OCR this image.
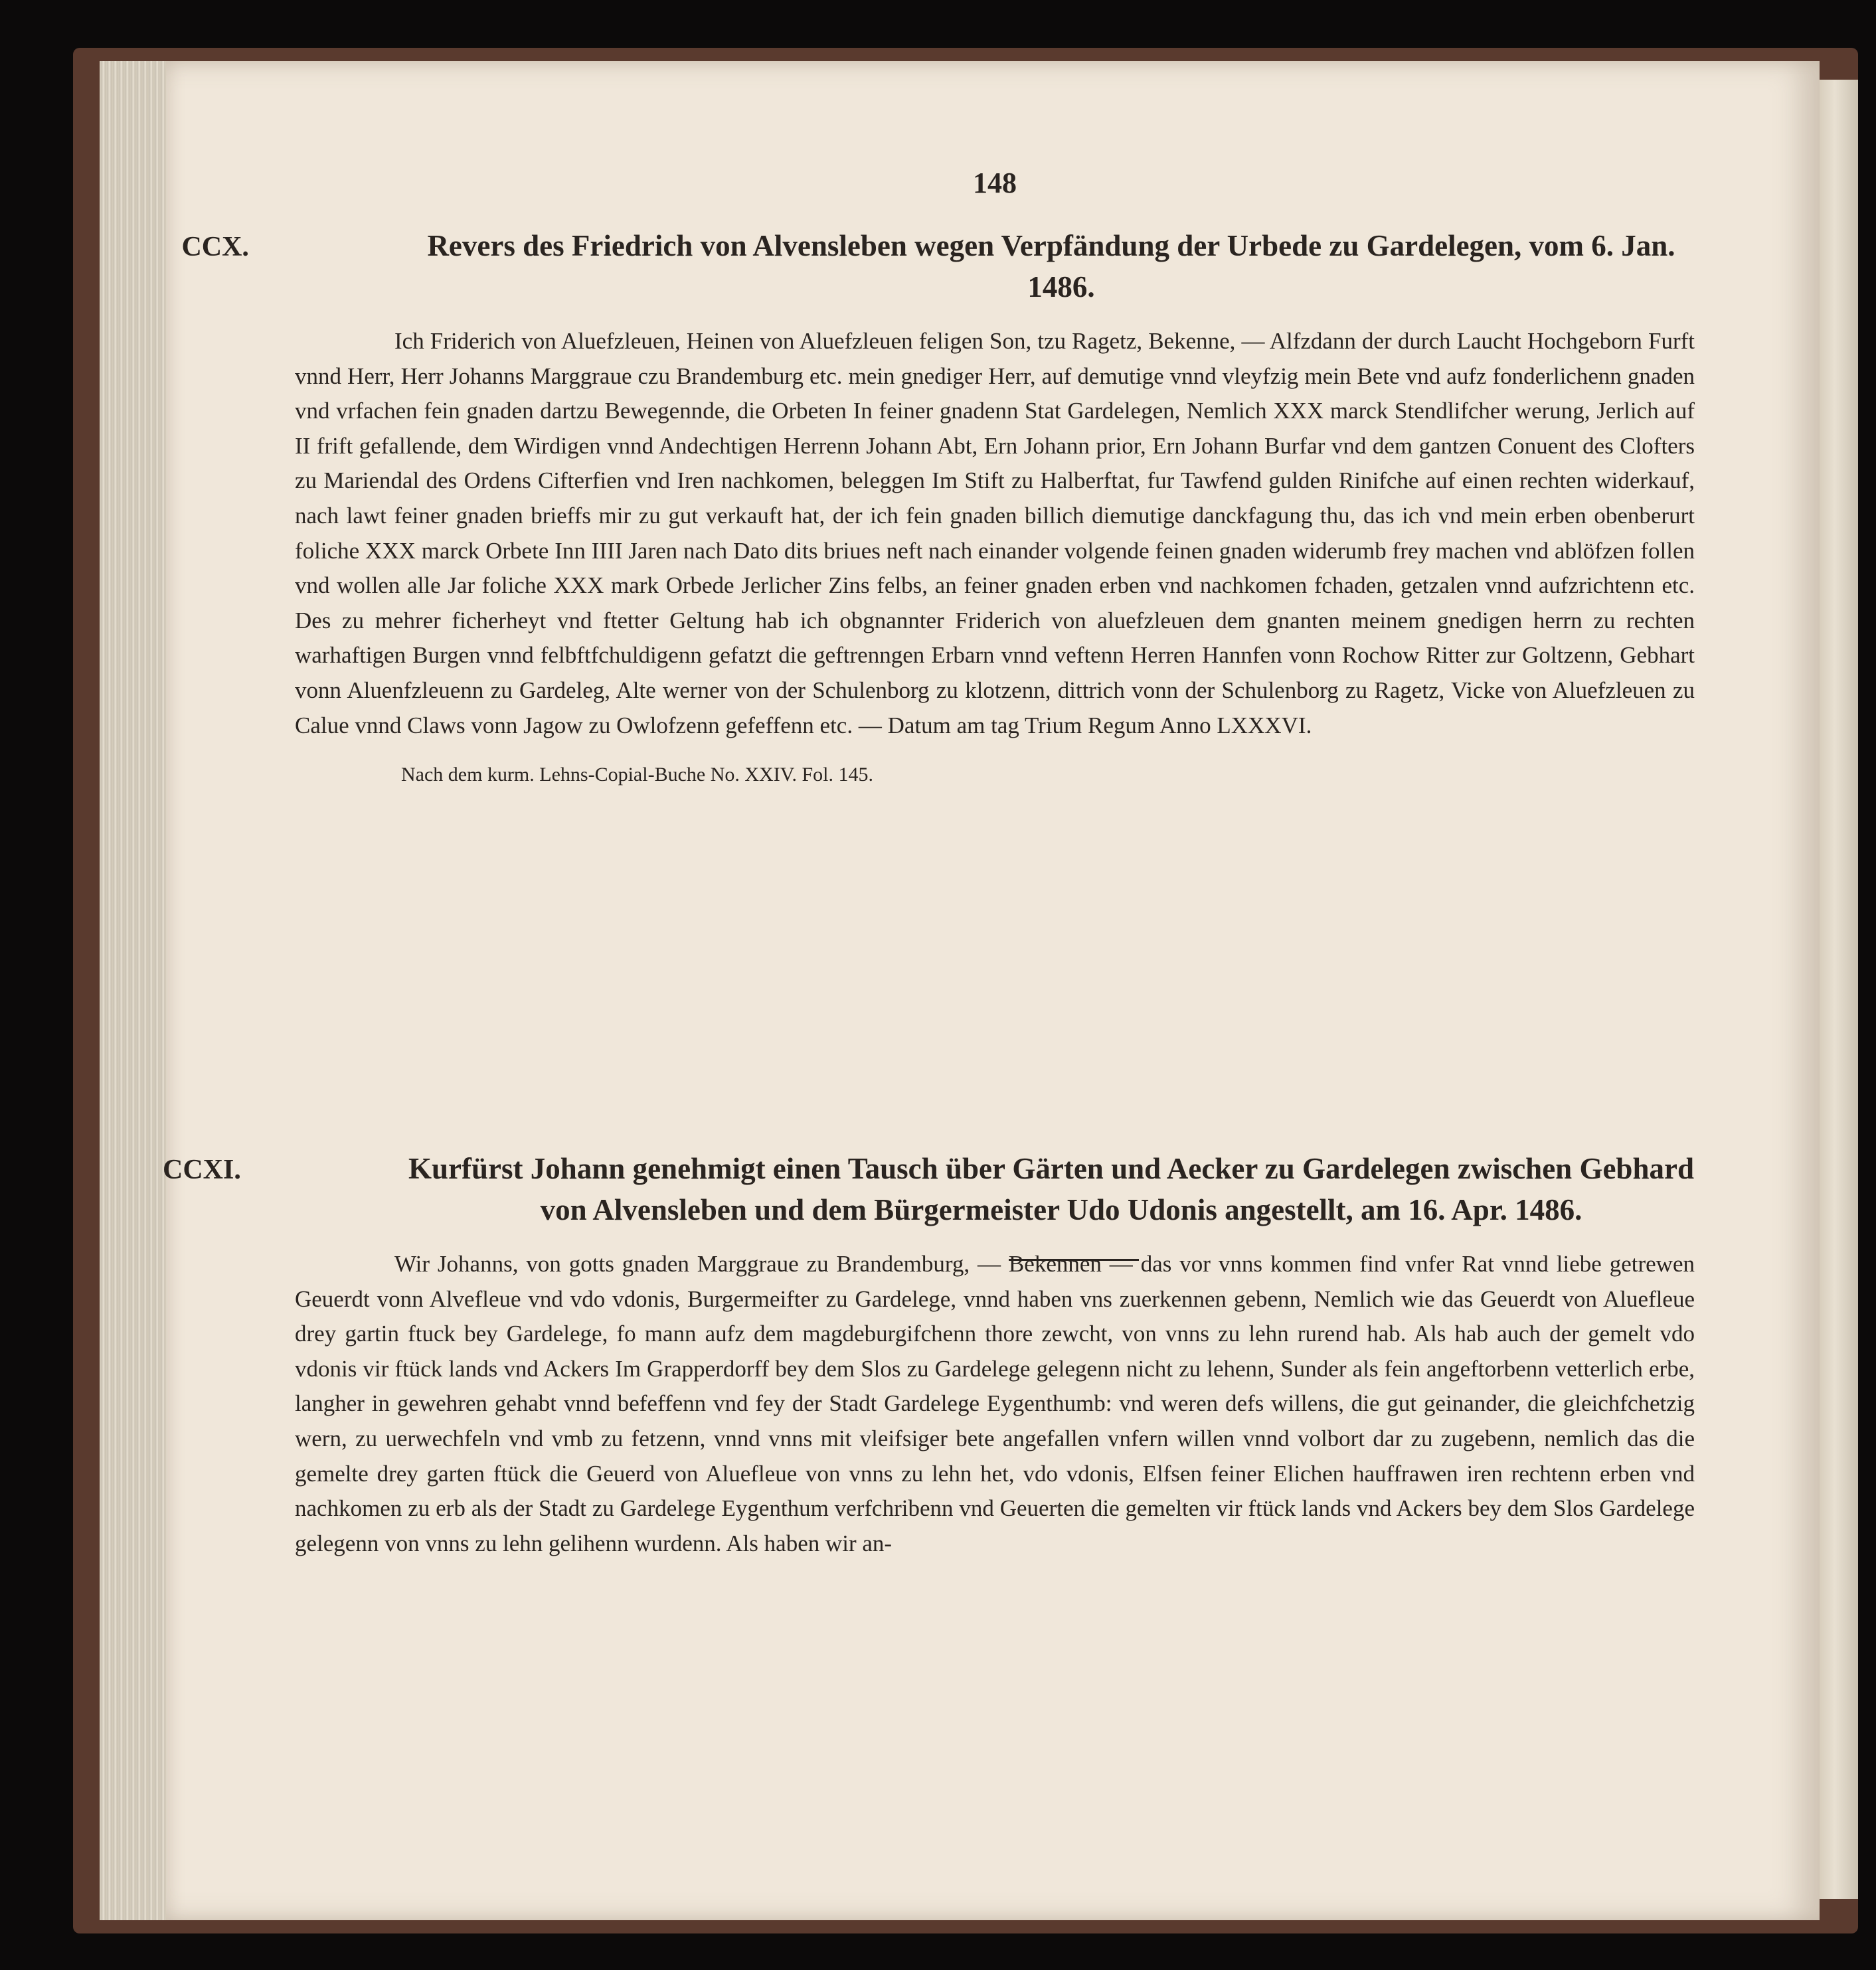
148

CCX.	Revers des Friedrich von Alvensleben wegen Verpfändung der Urbede zu Gardelegen, vom 6. Jan. 1486.

Ich Friderich von Aluefzleuen, Heinen von Aluefzleuen feligen Son, tzu Ragetz, Bekenne, — Alfzdann der durch Laucht Hochgeborn Furft vnnd Herr, Herr Johanns Marggraue czu Brandemburg etc. mein gnediger Herr, auf demutige vnnd vleyfzig mein Bete vnd aufz fonderlichenn gnaden vnd vrfachen fein gnaden dartzu Bewegennde, die Orbeten In feiner gnadenn Stat Gardelegen, Nemlich XXX marck Stendlifcher werung, Jerlich auf II frift gefallende, dem Wirdigen vnnd Andechtigen Herrenn Johann Abt, Ern Johann prior, Ern Johann Burfar vnd dem gantzen Conuent des Clofters zu Mariendal des Ordens Cifterfien vnd Iren nachkomen, beleggen Im Stift zu Halberftat, fur Tawfend gulden Rinifche auf einen rechten widerkauf, nach lawt feiner gnaden brieffs mir zu gut verkauft hat, der ich fein gnaden billich diemutige danckfagung thu, das ich vnd mein erben obenberurt foliche XXX marck Orbete Inn IIII Jaren nach Dato dits briues neft nach einander volgende feinen gnaden widerumb frey machen vnd ablöfzen follen vnd wollen alle Jar foliche XXX mark Orbede Jerlicher Zins felbs, an feiner gnaden erben vnd nachkomen fchaden, getzalen vnnd aufzrichtenn etc. Des zu mehrer ficherheyt vnd ftetter Geltung hab ich obgnannter Friderich von aluefzleuen dem gnanten meinem gnedigen herrn zu rechten warhaftigen Burgen vnnd felbftfchuldigenn gefatzt die geftrenngen Erbarn vnnd veftenn Herren Hannfen vonn Rochow Ritter zur Goltzenn, Gebhart vonn Aluenfzleuenn zu Gardeleg, Alte werner von der Schulenborg zu klotzenn, dittrich vonn der Schulenborg zu Ragetz, Vicke von Aluefzleuen zu Calue vnnd Claws vonn Jagow zu Owlofzenn gefeffenn etc. — Datum am tag Trium Regum Anno LXXXVI.

Nach dem kurm. Lehns-Copial-Buche No. XXIV. Fol. 145.

CCXI.	Kurfürst Johann genehmigt einen Tausch über Gärten und Aecker zu Gardelegen zwischen Gebhard von Alvensleben und dem Bürgermeister Udo Udonis angestellt, am 16. Apr. 1486.

Wir Johanns, von gotts gnaden Marggraue zu Brandemburg, — Bekennen — das vor vnns kommen find vnfer Rat vnnd liebe getrewen Geuerdt vonn Alvefleue vnd vdo vdonis, Burgermeifter zu Gardelege, vnnd haben vns zuerkennen gebenn, Nemlich wie das Geuerdt von Aluefleue drey gartin ftuck bey Gardelege, fo mann aufz dem magdeburgifchenn thore zewcht, von vnns zu lehn rurend hab. Als hab auch der gemelt vdo vdonis vir ftück lands vnd Ackers Im Grapperdorff bey dem Slos zu Gardelege gelegenn nicht zu lehenn, Sunder als fein angeftorbenn vetterlich erbe, langher in gewehren gehabt vnnd befeffenn vnd fey der Stadt Gardelege Eygenthumb: vnd weren defs willens, die gut geinander, die gleichfchetzig wern, zu uerwechfeln vnd vmb zu fetzenn, vnnd vnns mit vleifsiger bete angefallen vnfern willen vnnd volbort dar zu zugebenn, nemlich das die gemelte drey garten ftück die Geuerd von Aluefleue von vnns zu lehn het, vdo vdonis, Elfsen feiner Elichen hauffrawen iren rechtenn erben vnd nachkomen zu erb als der Stadt zu Gardelege Eygenthum verfchribenn vnd Geuerten die gemelten vir ftück lands vnd Ackers bey dem Slos Gardelege gelegenn von vnns zu lehn gelihenn wurdenn. Als haben wir an-
